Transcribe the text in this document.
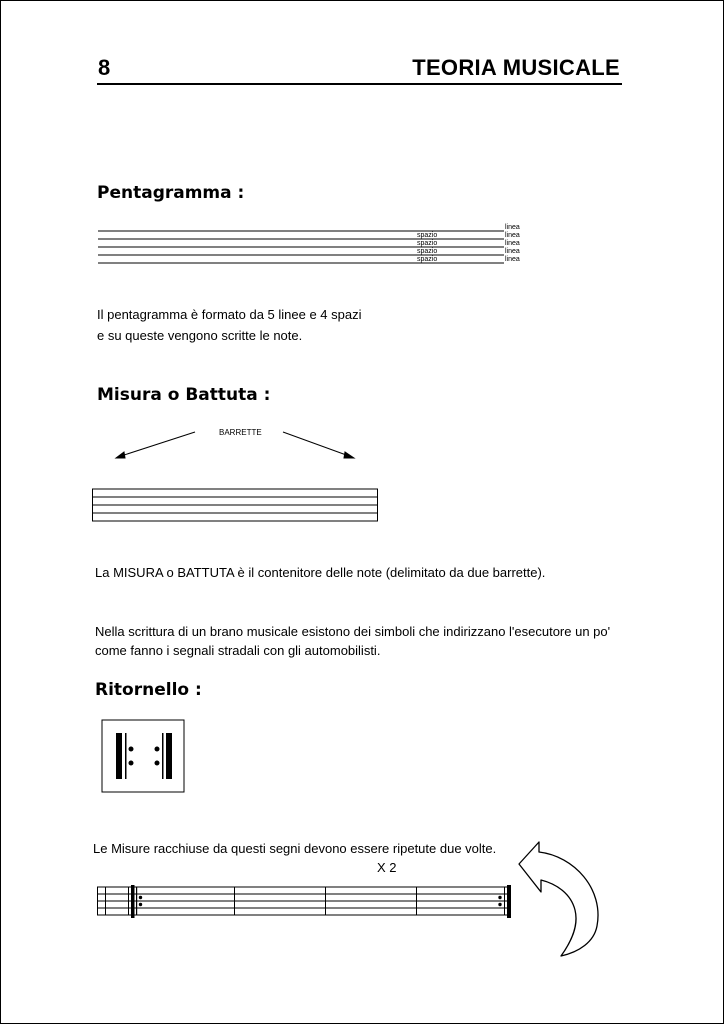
8	TEORIA MUSICALE
Pentagramma :
linea
linea
linea
linea
linea
spazio
spazio
spazio
spazio
Il pentagramma è formato da 5 linee e 4 spazi
e su queste vengono scritte le note.
Misura o Battuta :
BARRETTE
La MISURA o BATTUTA è il contenitore delle note (delimitato da due barrette).
Nella scrittura di un brano musicale esistono dei simboli che indirizzano l'esecutore un po'
come fanno i segnali stradali con gli automobilisti.
Ritornello :
Le Misure racchiuse da questi segni devono essere ripetute due volte.
X 2
